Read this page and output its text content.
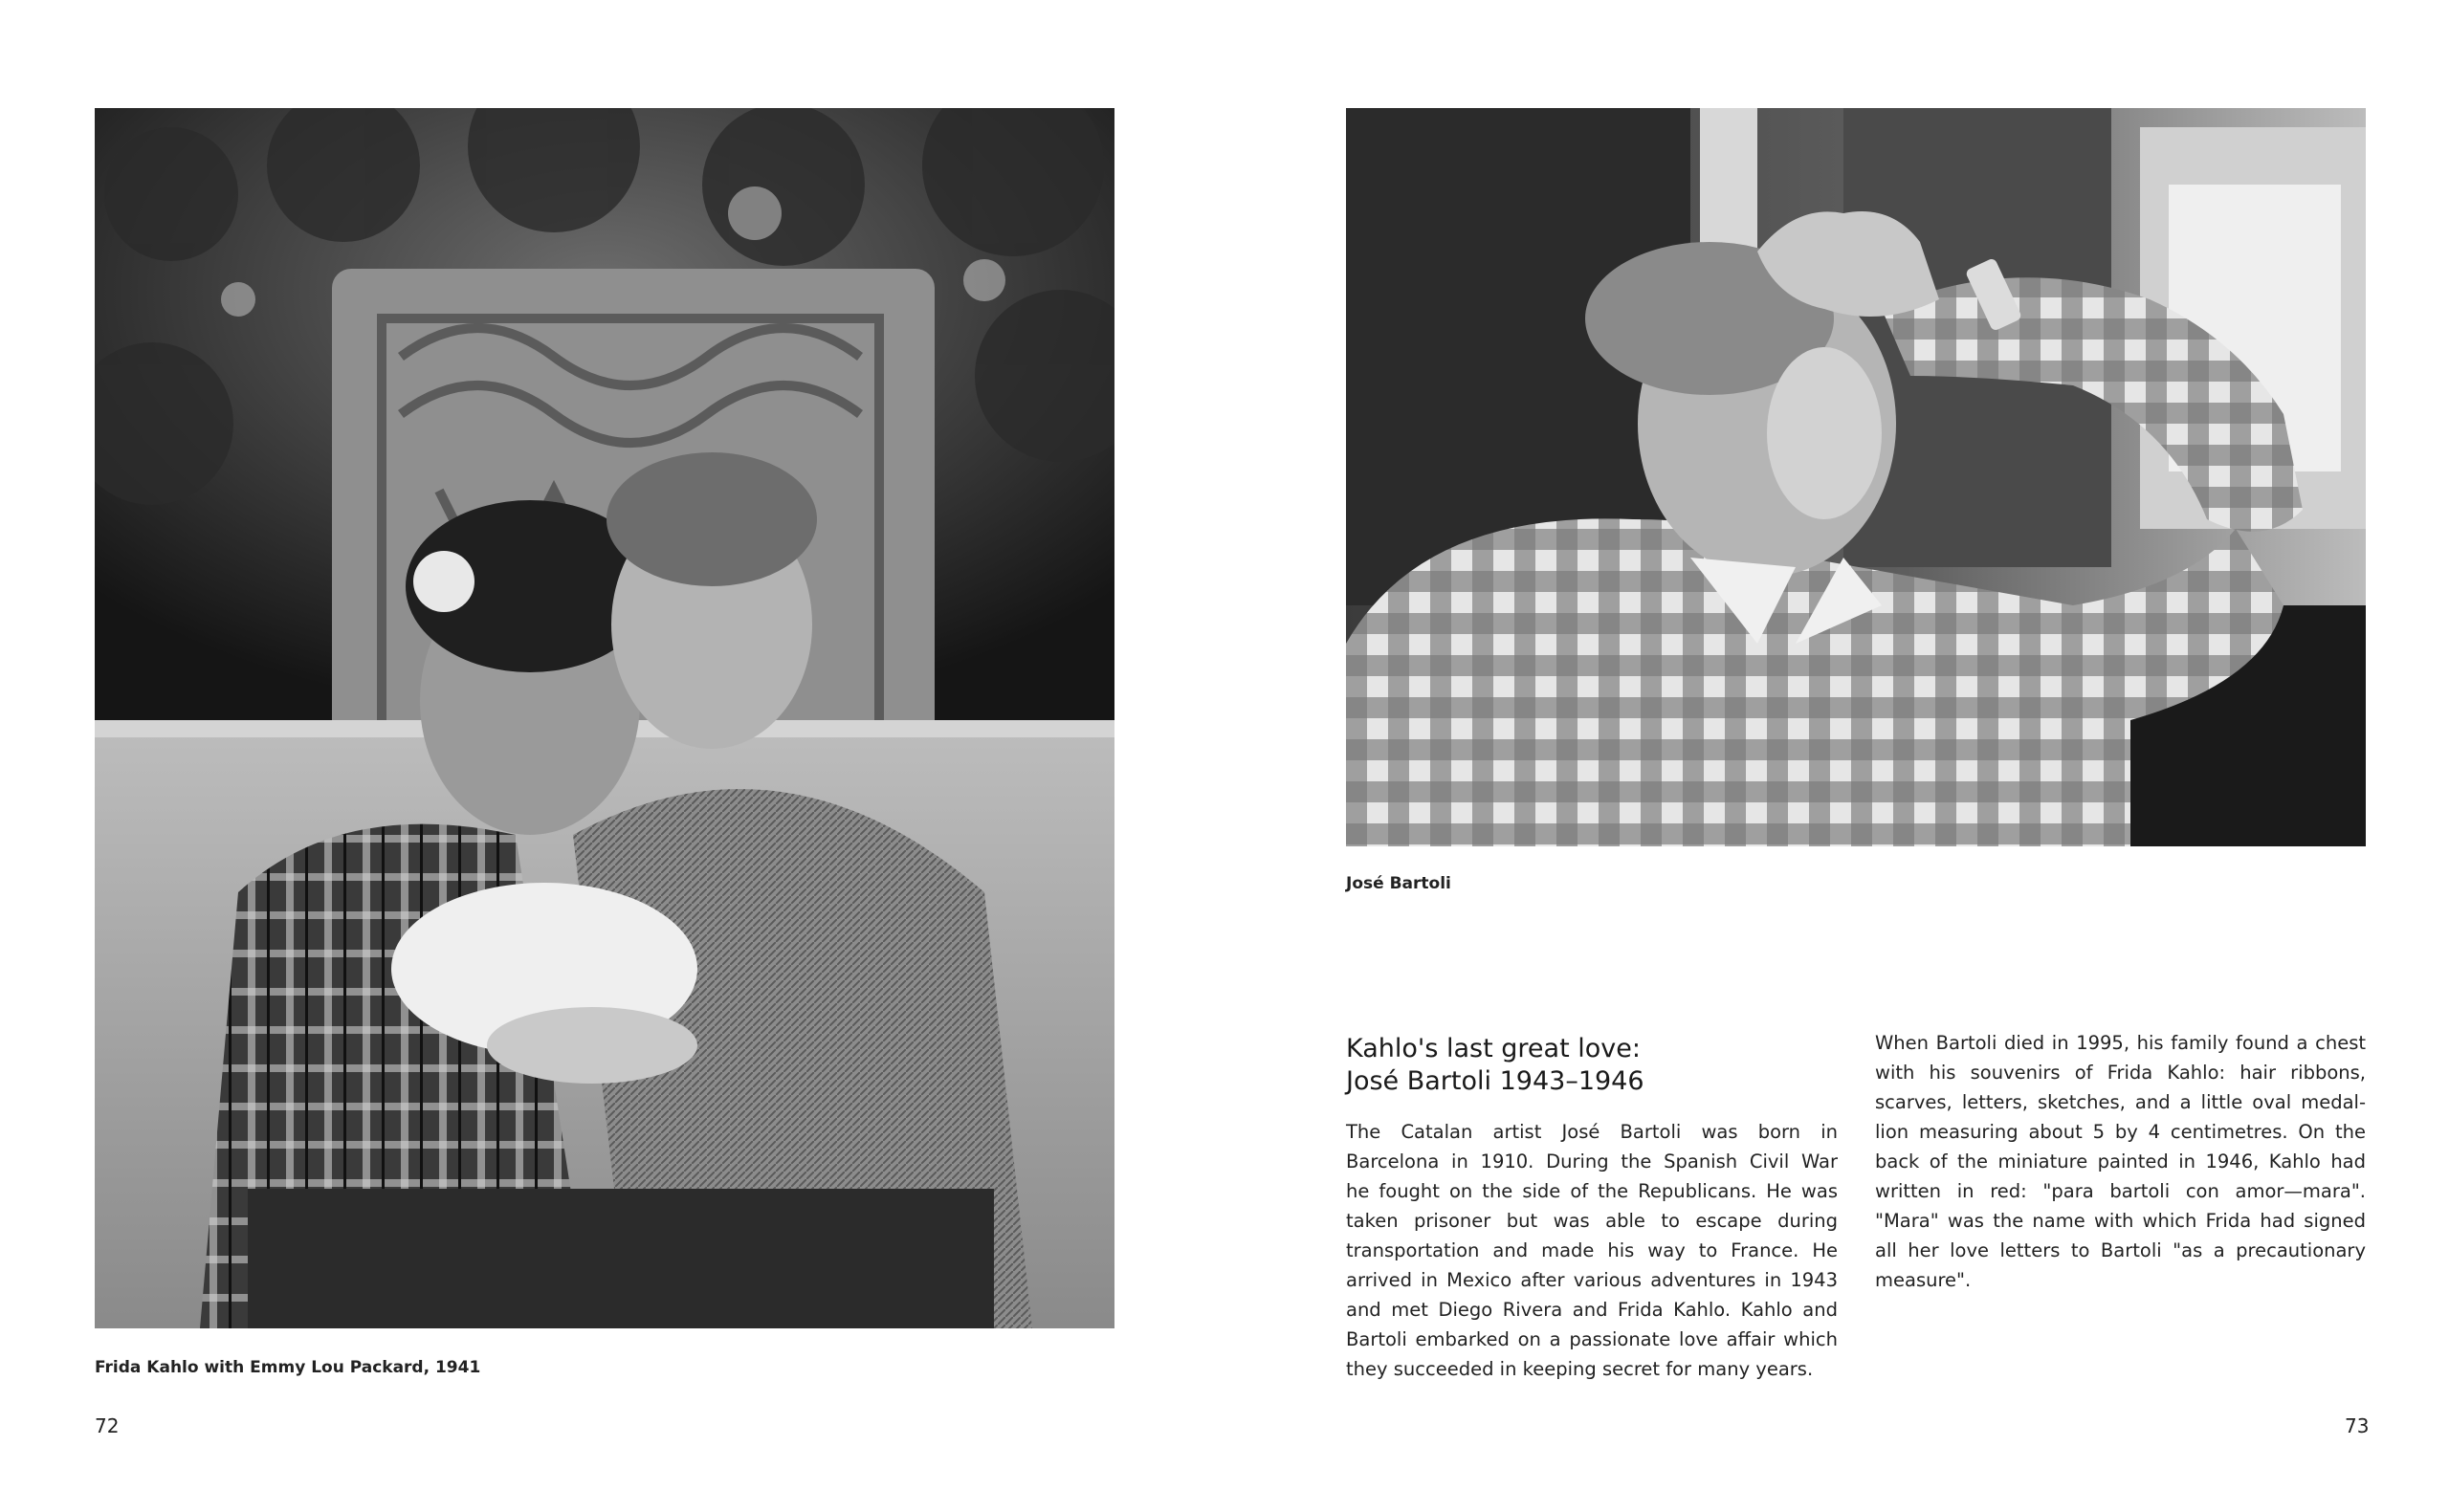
Frida Kahlo with Emmy Lou Packard, 1941
72
José Bartoli
Kahlo's last great love:
José Bartoli 1943–1946
The Catalan artist José Bartoli was born in
Barcelona in 1910. During the Spanish Civil War
he fought on the side of the Republicans. He was
taken prisoner but was able to escape during
transportation and made his way to France. He
arrived in Mexico after various adventures in 1943
and met Diego Rivera and Frida Kahlo. Kahlo and
Bartoli embarked on a passionate love affair which
they succeeded in keeping secret for many years.
When Bartoli died in 1995, his family found a chest
with his souvenirs of Frida Kahlo: hair ribbons,
scarves, letters, sketches, and a little oval medal-
lion measuring about 5 by 4 centimetres. On the
back of the miniature painted in 1946, Kahlo had
written in red: "para bartoli con amor—mara".
"Mara" was the name with which Frida had signed
all her love letters to Bartoli "as a precautionary
measure".
73
